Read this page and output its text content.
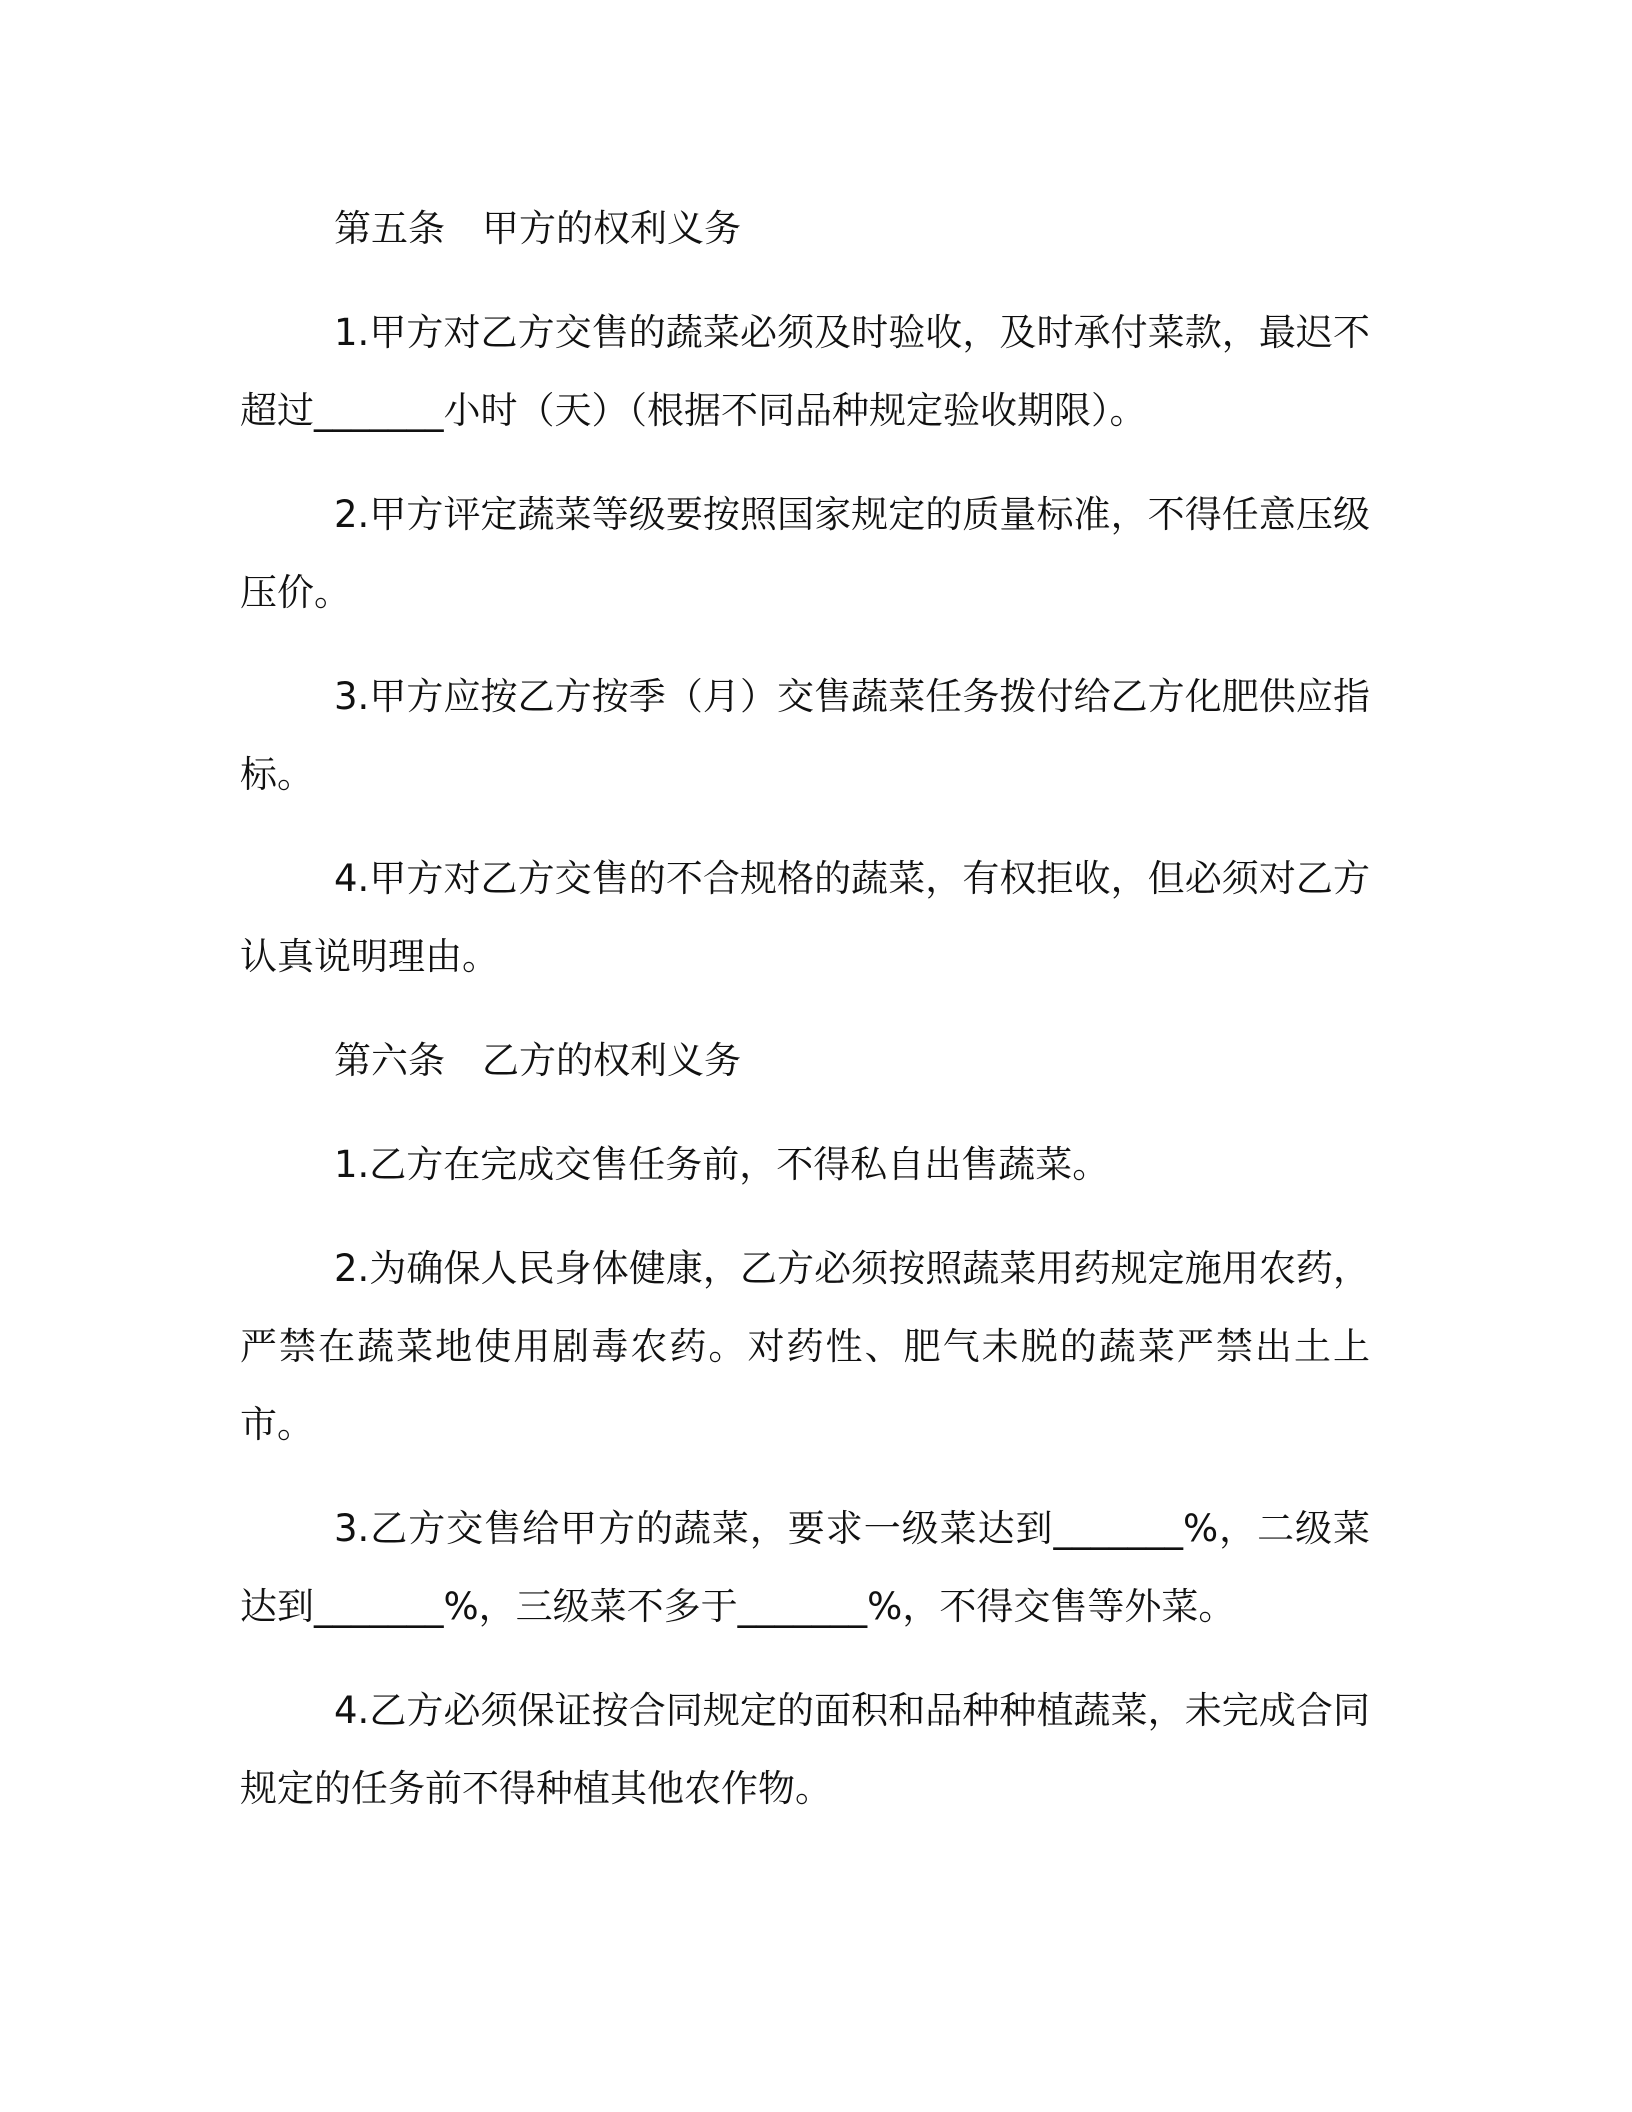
第五条　甲方的权利义务

1.甲方对乙方交售的蔬菜必须及时验收，及时承付菜款，最迟不超过_______小时（天）（根据不同品种规定验收期限）。

2.甲方评定蔬菜等级要按照国家规定的质量标准，不得任意压级压价。

3.甲方应按乙方按季（月）交售蔬菜任务拨付给乙方化肥供应指标。

4.甲方对乙方交售的不合规格的蔬菜，有权拒收，但必须对乙方认真说明理由。

第六条　乙方的权利义务

1.乙方在完成交售任务前，不得私自出售蔬菜。

2.为确保人民身体健康，乙方必须按照蔬菜用药规定施用农药，严禁在蔬菜地使用剧毒农药。对药性、肥气未脱的蔬菜严禁出土上市。

3.乙方交售给甲方的蔬菜，要求一级菜达到_______%，二级菜达到_______%，三级菜不多于_______%，不得交售等外菜。

4.乙方必须保证按合同规定的面积和品种种植蔬菜，未完成合同规定的任务前不得种植其他农作物。
